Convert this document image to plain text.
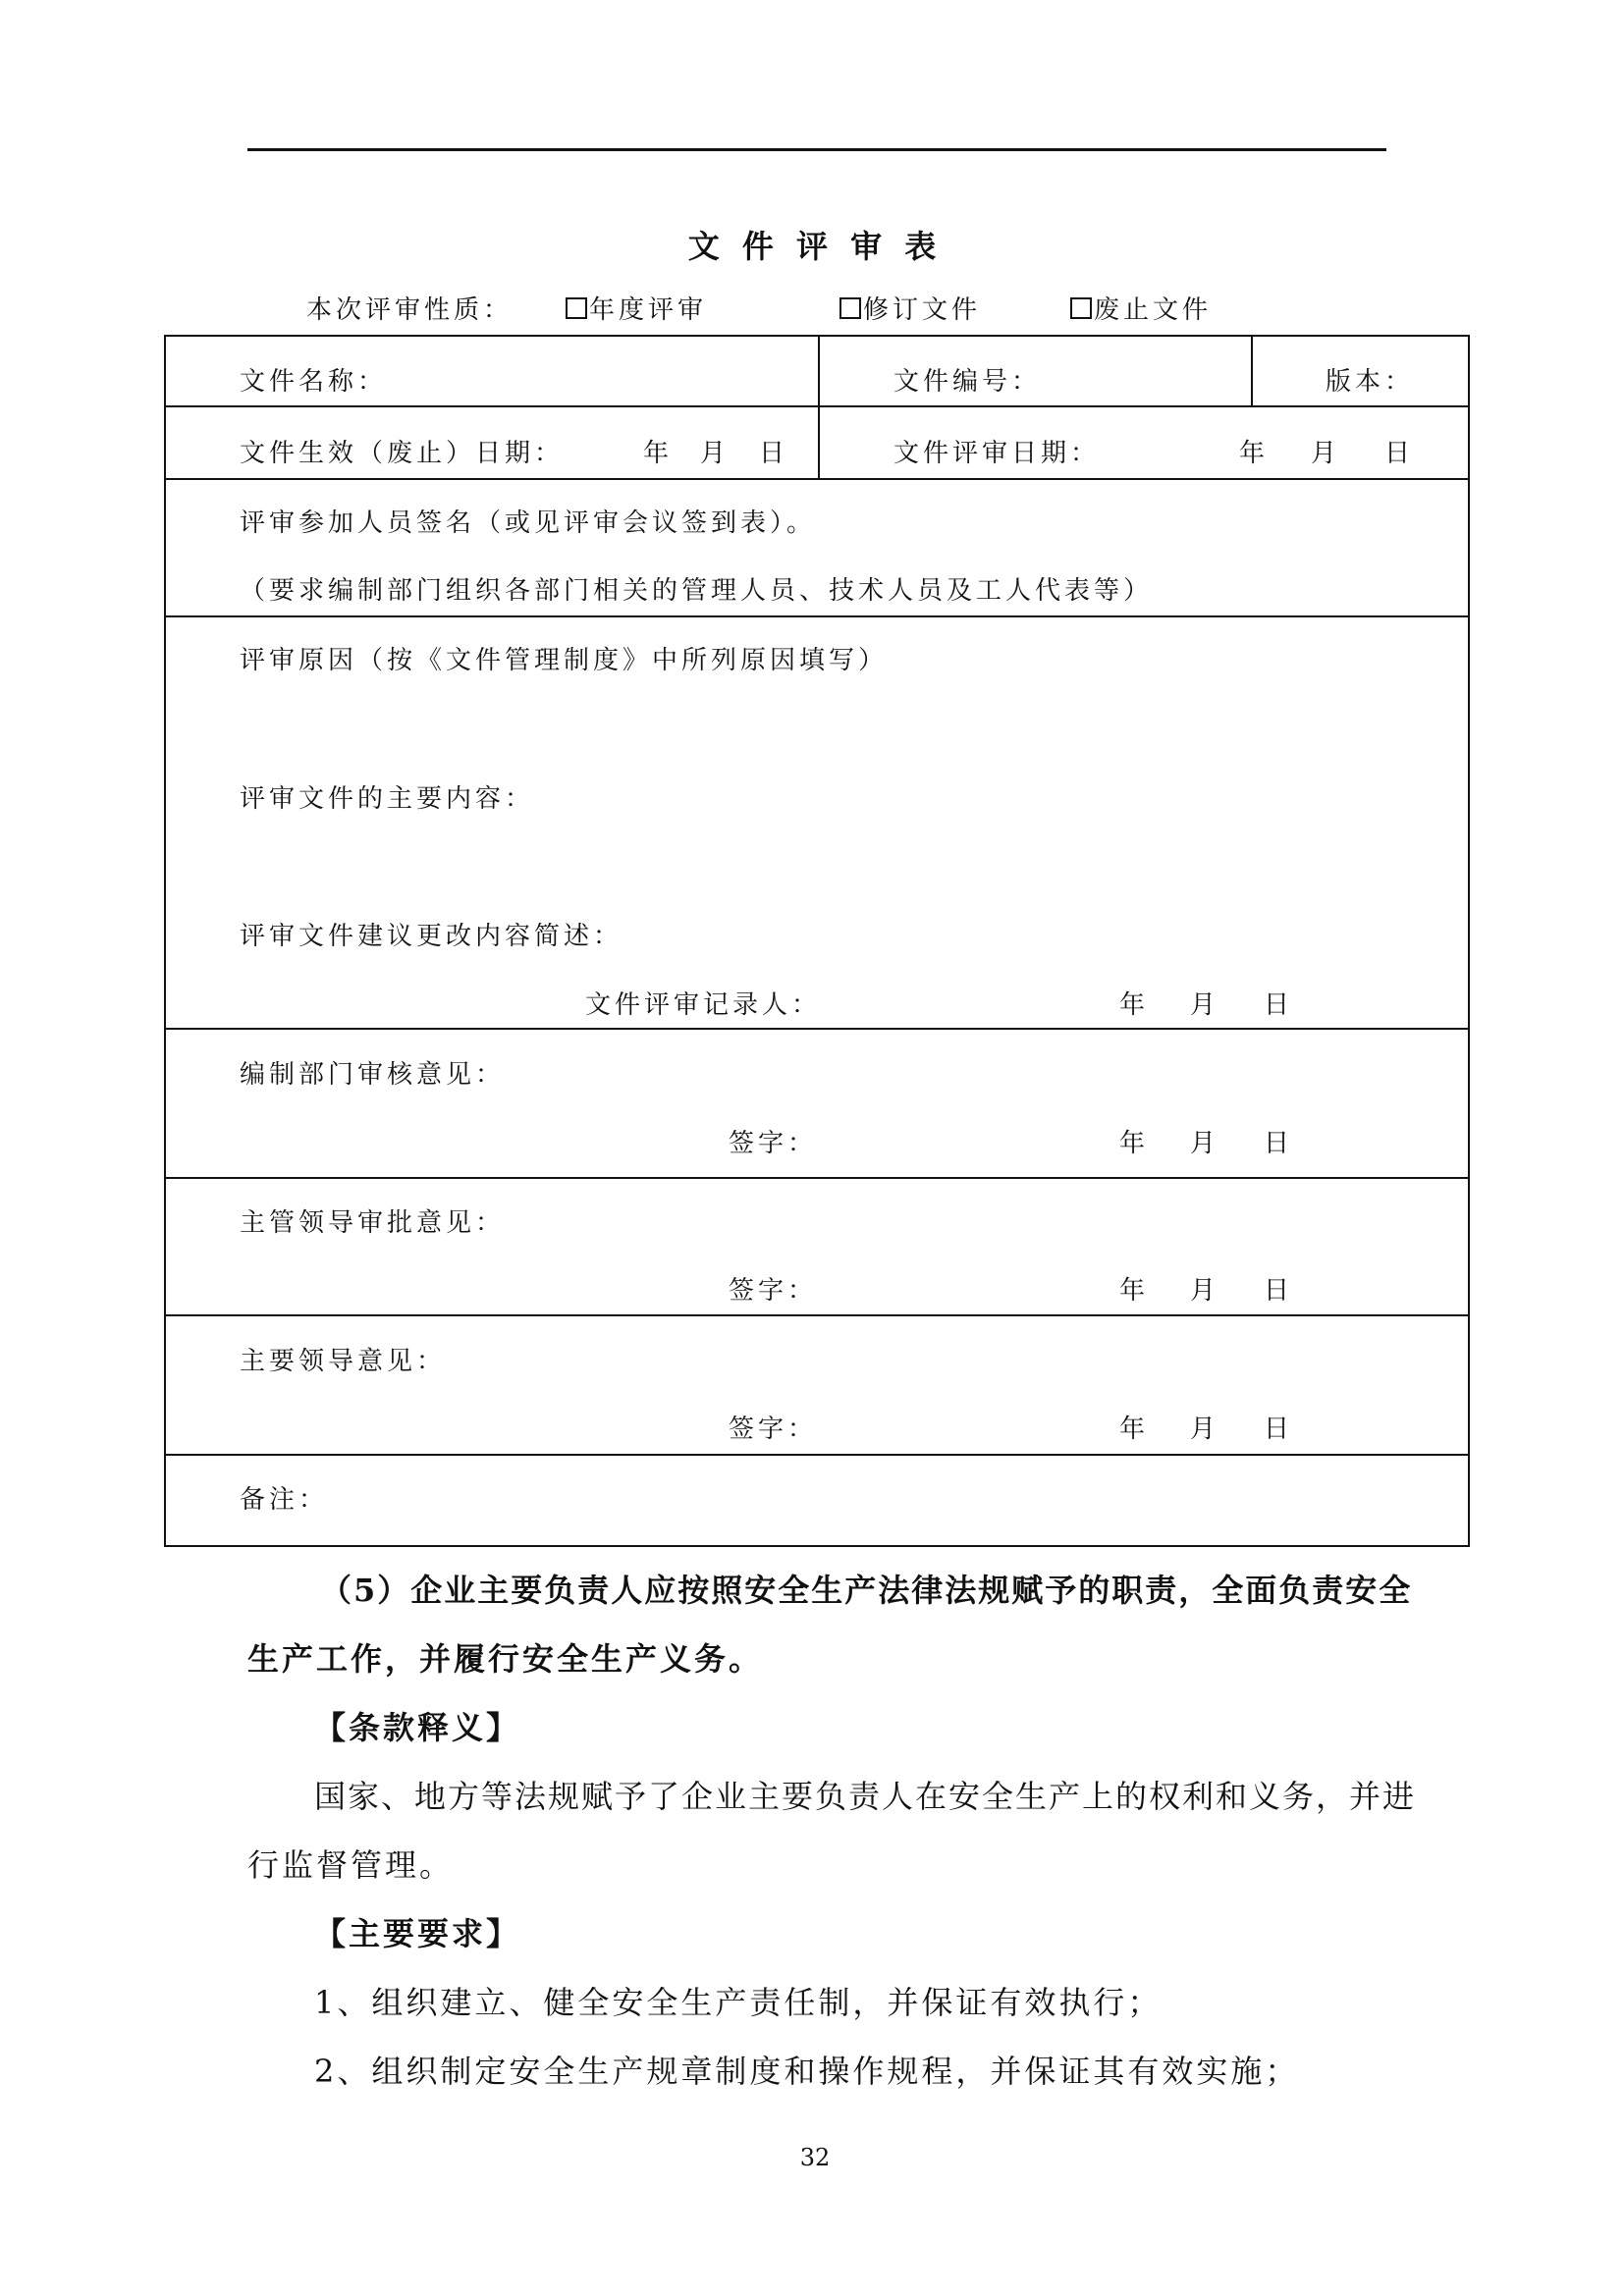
文 件 评 审 表
本次评审性质：	年度评审	修订文件	废止文件
文件名称：	文件编号：	版本：
文件生效（废止）日期：	年 月 日	文件评审日期：	年 月 日
评审参加人员签名（或见评审会议签到表）。
（要求编制部门组织各部门相关的管理人员、技术人员及工人代表等）
评审原因（按《文件管理制度》中所列原因填写）
评审文件的主要内容：
评审文件建议更改内容简述：
文件评审记录人：	年 月 日
编制部门审核意见：
签字：	年 月 日
主管领导审批意见：
签字：	年 月 日
主要领导意见：
签字：	年 月 日
备注：
（5）企业主要负责人应按照安全生产法律法规赋予的职责，全面负责安全
生产工作，并履行安全生产义务。
【条款释义】
国家、地方等法规赋予了企业主要负责人在安全生产上的权利和义务，并进
行监督管理。
【主要要求】
1、组织建立、健全安全生产责任制，并保证有效执行；
2、组织制定安全生产规章制度和操作规程，并保证其有效实施；
32
